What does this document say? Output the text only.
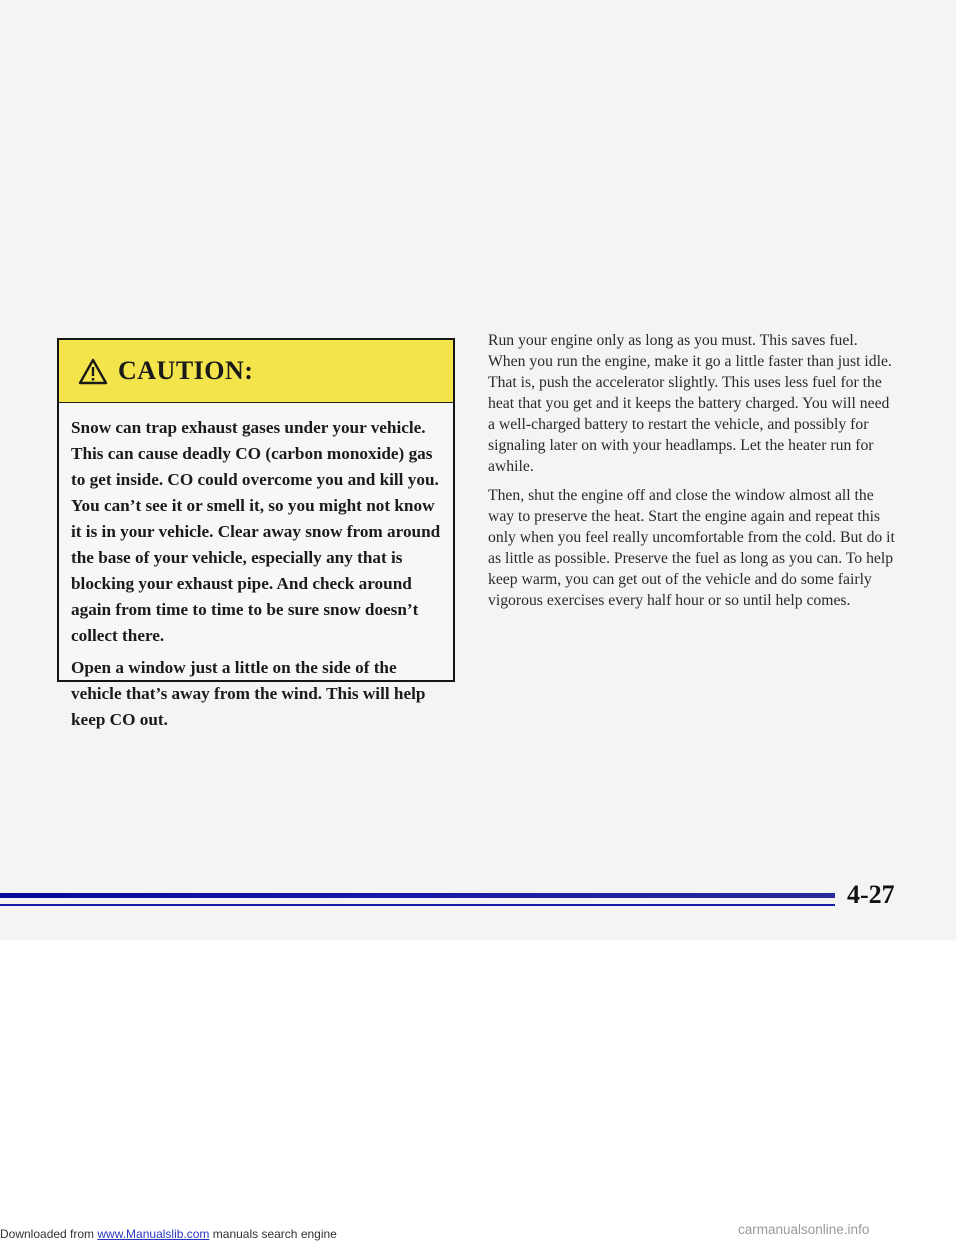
CAUTION:

Snow can trap exhaust gases under your vehicle. This can cause deadly CO (carbon monoxide) gas to get inside. CO could overcome you and kill you. You can’t see it or smell it, so you might not know it is in your vehicle. Clear away snow from around the base of your vehicle, especially any that is blocking your exhaust pipe. And check around again from time to time to be sure snow doesn’t collect there.

Open a window just a little on the side of the vehicle that’s away from the wind. This will help keep CO out.

Run your engine only as long as you must. This saves fuel. When you run the engine, make it go a little faster than just idle. That is, push the accelerator slightly. This uses less fuel for the heat that you get and it keeps the battery charged. You will need a well-charged battery to restart the vehicle, and possibly for signaling later on with your headlamps. Let the heater run for awhile.

Then, shut the engine off and close the window almost all the way to preserve the heat. Start the engine again and repeat this only when you feel really uncomfortable from the cold. But do it as little as possible. Preserve the fuel as long as you can. To help keep warm, you can get out of the vehicle and do some fairly vigorous exercises every half hour or so until help comes.

4-27
Downloaded from www.Manualslib.com manuals search engine	carmanualsonline.info
